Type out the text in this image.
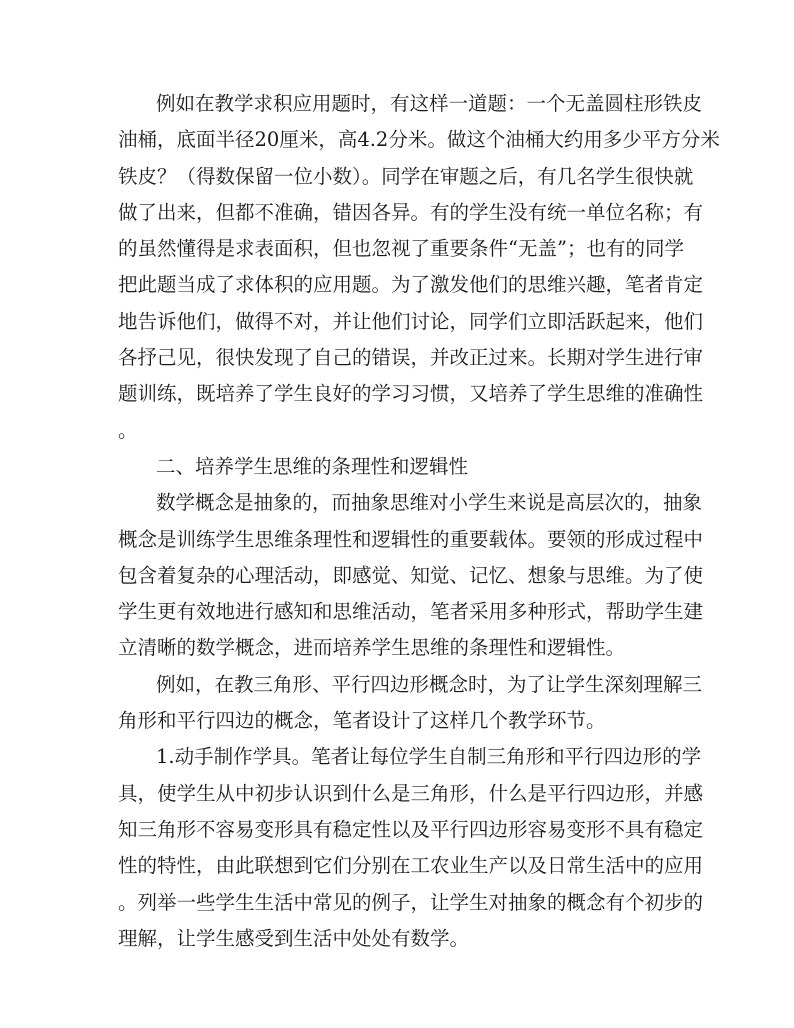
例如在教学求积应用题时，有这样一道题：一个无盖圆柱形铁皮
油桶，底面半径20厘米，高4.2分米。做这个油桶大约用多少平方分米
铁皮？（得数保留一位小数）。同学在审题之后，有几名学生很快就
做了出来，但都不准确，错因各异。有的学生没有统一单位名称；有
的虽然懂得是求表面积，但也忽视了重要条件“无盖”；也有的同学
把此题当成了求体积的应用题。为了激发他们的思维兴趣，笔者肯定
地告诉他们，做得不对，并让他们讨论，同学们立即活跃起来，他们
各抒己见，很快发现了自己的错误，并改正过来。长期对学生进行审
题训练，既培养了学生良好的学习习惯，又培养了学生思维的准确性
。
二、培养学生思维的条理性和逻辑性
数学概念是抽象的，而抽象思维对小学生来说是高层次的，抽象
概念是训练学生思维条理性和逻辑性的重要载体。要领的形成过程中
包含着复杂的心理活动，即感觉、知觉、记忆、想象与思维。为了使
学生更有效地进行感知和思维活动，笔者采用多种形式，帮助学生建
立清晰的数学概念，进而培养学生思维的条理性和逻辑性。
例如，在教三角形、平行四边形概念时，为了让学生深刻理解三
角形和平行四边的概念，笔者设计了这样几个教学环节。
1.动手制作学具。笔者让每位学生自制三角形和平行四边形的学
具，使学生从中初步认识到什么是三角形，什么是平行四边形，并感
知三角形不容易变形具有稳定性以及平行四边形容易变形不具有稳定
性的特性，由此联想到它们分别在工农业生产以及日常生活中的应用
。列举一些学生生活中常见的例子，让学生对抽象的概念有个初步的
理解，让学生感受到生活中处处有数学。
